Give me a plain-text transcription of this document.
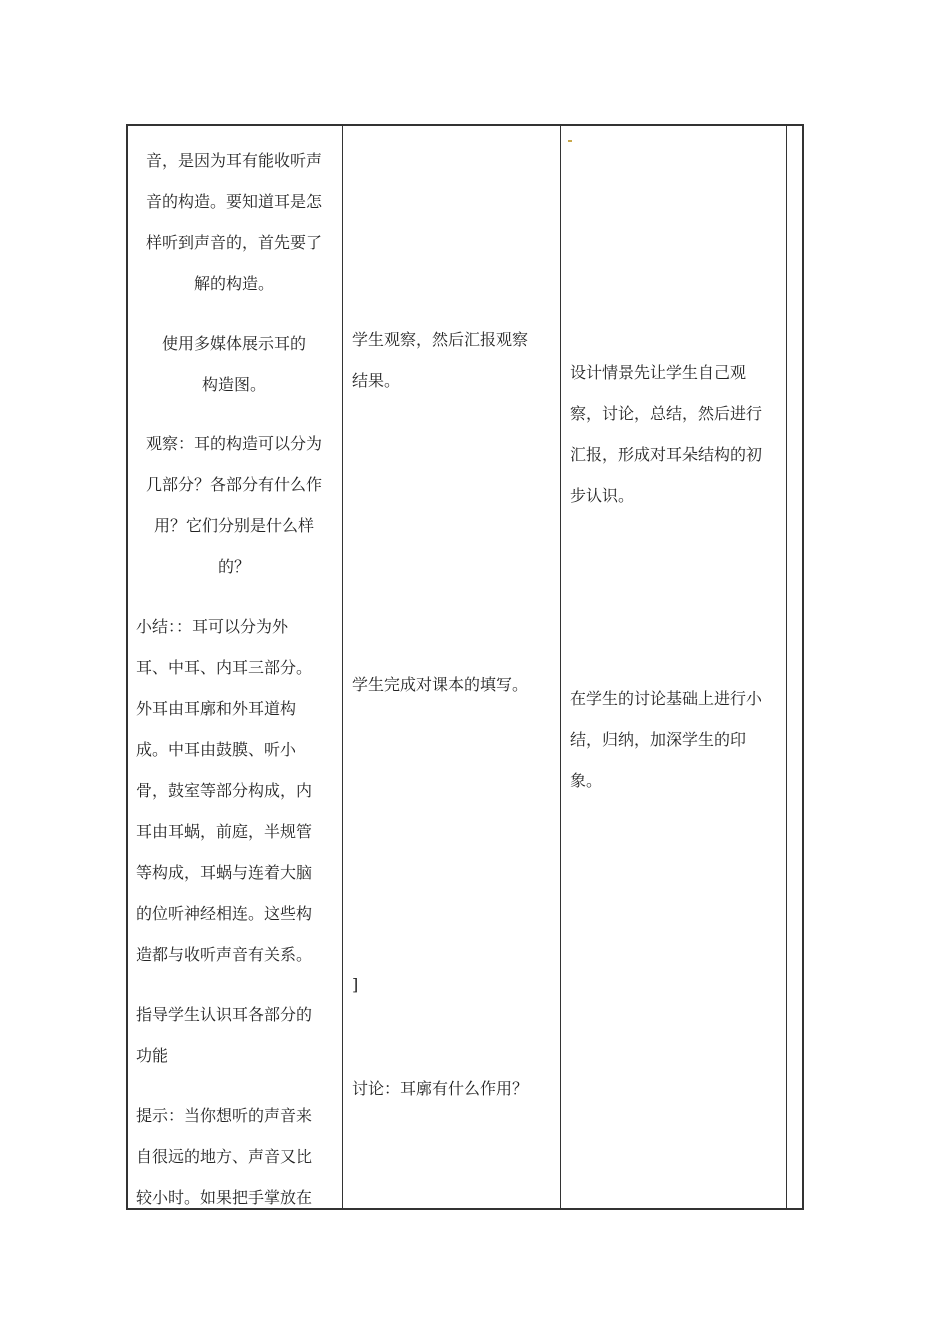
音，是因为耳有能收听声

音的构造。要知道耳是怎

样听到声音的，首先要了

解的构造。

使用多媒体展示耳的

构造图。

观察：耳的构造可以分为

几部分？各部分有什么作

用？它们分别是什么样

的？

小结：：耳可以分为外

耳、中耳、内耳三部分。

外耳由耳廓和外耳道构

成。中耳由鼓膜、听小

骨，鼓室等部分构成，内

耳由耳蜗，前庭，半规管

等构成，耳蜗与连着大脑

的位听神经相连。这些构

造都与收听声音有关系。

指导学生认识耳各部分的

功能

提示：当你想听的声音来

自很远的地方、声音又比

较小时。如果把手掌放在

学生观察，然后汇报观察

结果。

学生完成对课本的填写。

]

讨论：耳廓有什么作用？

设计情景先让学生自己观

察，讨论，总结，然后进行

汇报，形成对耳朵结构的初

步认识。

在学生的讨论基础上进行小

结，归纳，加深学生的印

象。
